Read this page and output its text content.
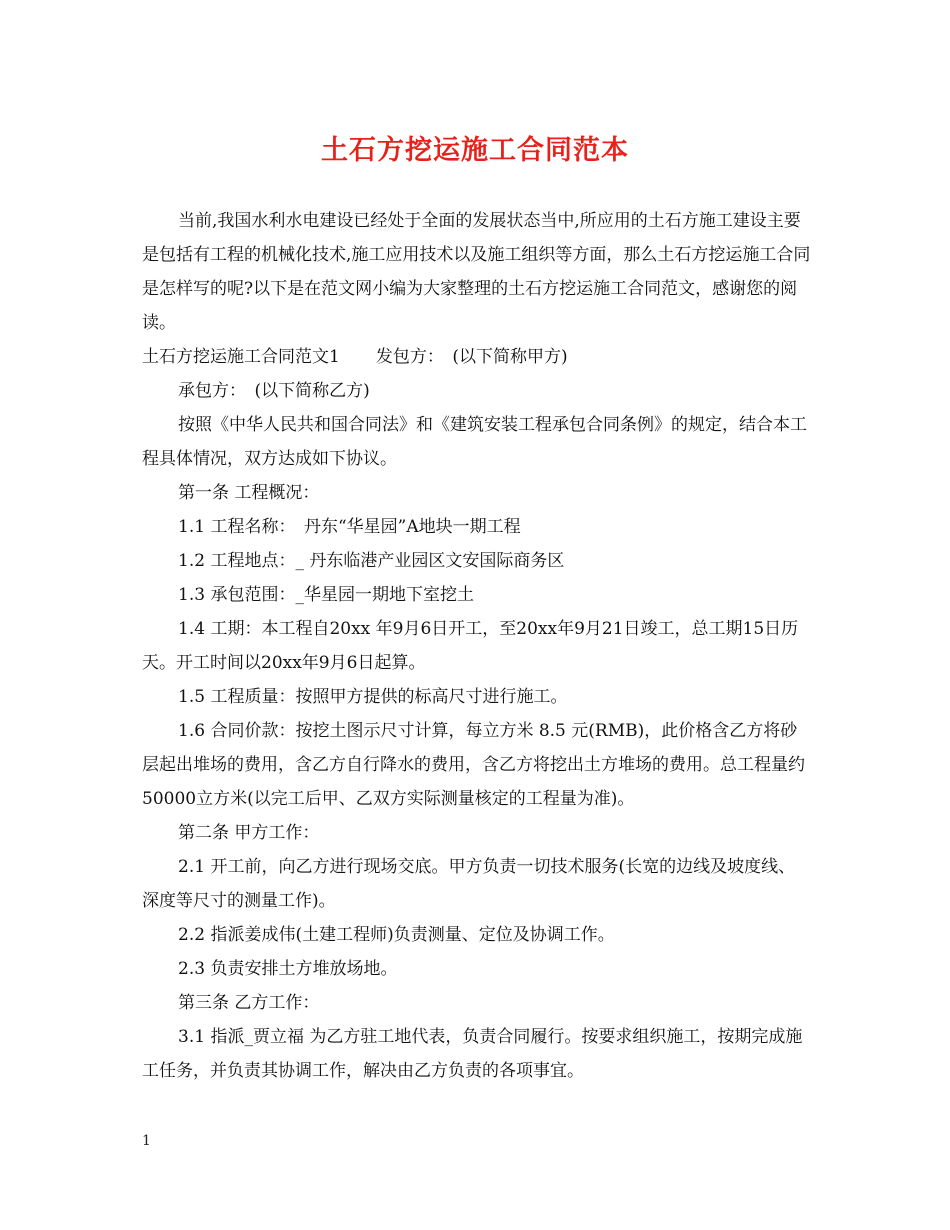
土石方挖运施工合同范本

当前,我国水利水电建设已经处于全面的发展状态当中,所应用的土石方施工建设主要是包括有工程的机械化技术,施工应用技术以及施工组织等方面，那么土石方挖运施工合同是怎样写的呢?以下是在范文网小编为大家整理的土石方挖运施工合同范文，感谢您的阅读。

土石方挖运施工合同范文1 发包方：　(以下简称甲方)

承包方：　(以下简称乙方)

按照《中华人民共和国合同法》和《建筑安装工程承包合同条例》的规定，结合本工程具体情况，双方达成如下协议。

第一条 工程概况：

1.1 工程名称：　丹东“华星园”A地块一期工程

1.2 工程地点：_ 丹东临港产业园区文安国际商务区

1.3 承包范围：_华星园一期地下室挖土

1.4 工期：本工程自20xx 年9月6日开工，至20xx年9月21日竣工，总工期15日历天。开工时间以20xx年9月6日起算。

1.5 工程质量：按照甲方提供的标高尺寸进行施工。

1.6 合同价款：按挖土图示尺寸计算，每立方米 8.5 元(RMB)，此价格含乙方将砂层起出堆场的费用，含乙方自行降水的费用，含乙方将挖出土方堆场的费用。总工程量约50000立方米(以完工后甲、乙双方实际测量核定的工程量为准)。

第二条 甲方工作：

2.1 开工前，向乙方进行现场交底。甲方负责一切技术服务(长宽的边线及坡度线、深度等尺寸的测量工作)。

2.2 指派姜成伟(土建工程师)负责测量、定位及协调工作。

2.3 负责安排土方堆放场地。

第三条 乙方工作：

3.1 指派_贾立福 为乙方驻工地代表，负责合同履行。按要求组织施工，按期完成施工任务，并负责其协调工作，解决由乙方负责的各项事宜。

1
